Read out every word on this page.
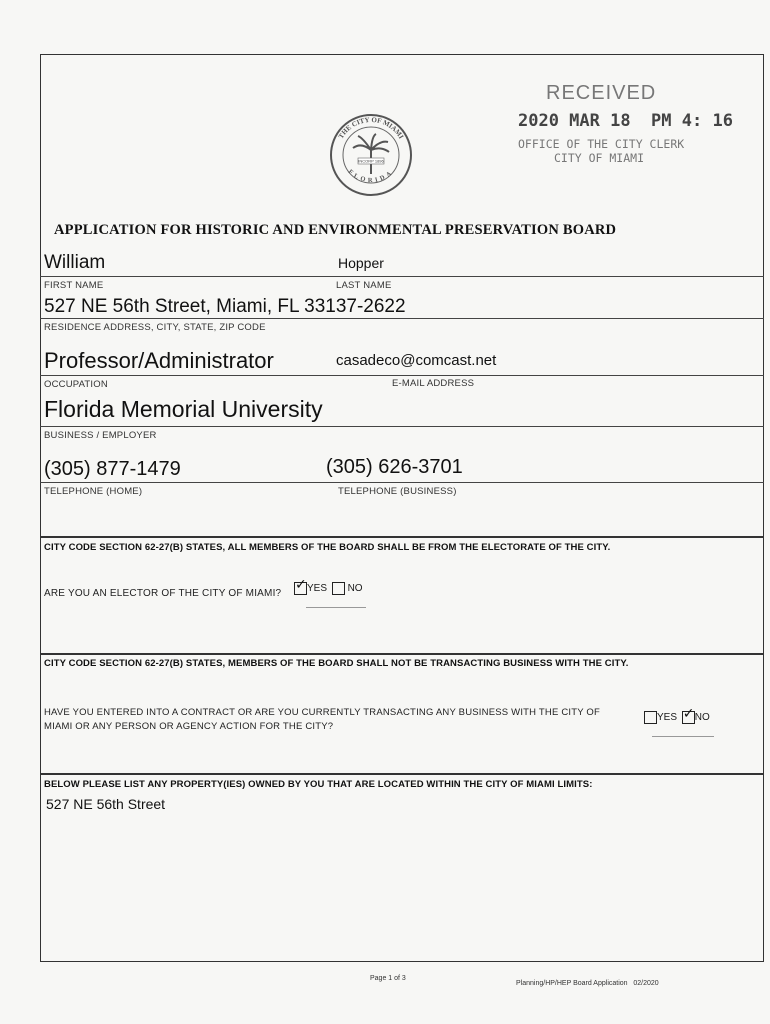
THE CITY OF MIAMI
FLORIDA
INCORP 1896
RECEIVED
2020 MAR 18  PM 4: 16
OFFICE OF THE CITY CLERK
CITY OF MIAMI
APPLICATION FOR HISTORIC AND ENVIRONMENTAL PRESERVATION BOARD
William	Hopper
FIRST NAME	LAST NAME
527 NE 56th Street, Miami, FL 33137-2622
RESIDENCE ADDRESS, CITY, STATE, ZIP CODE
Professor/Administrator	casadeco@comcast.net
OCCUPATION	E-MAIL ADDRESS
Florida Memorial University
BUSINESS / EMPLOYER
(305) 877-1479	(305) 626-3701
TELEPHONE (HOME)	TELEPHONE (BUSINESS)
CITY CODE SECTION 62-27(B) STATES, ALL MEMBERS OF THE BOARD SHALL BE FROM THE ELECTORATE OF THE CITY.
ARE YOU AN ELECTOR OF THE CITY OF MIAMI?
✓ YES NO
CITY CODE SECTION 62-27(B) STATES, MEMBERS OF THE BOARD SHALL NOT BE TRANSACTING BUSINESS WITH THE CITY.
HAVE YOU ENTERED INTO A CONTRACT OR ARE YOU CURRENTLY TRANSACTING ANY BUSINESS WITH THE CITY OF
MIAMI OR ANY PERSON OR AGENCY ACTION FOR THE CITY?
YES ✓ NO
BELOW PLEASE LIST ANY PROPERTY(IES) OWNED BY YOU THAT ARE LOCATED WITHIN THE CITY OF MIAMI LIMITS:
527 NE 56th Street
Page 1 of 3
Planning/HP/HEP Board Application   02/2020
